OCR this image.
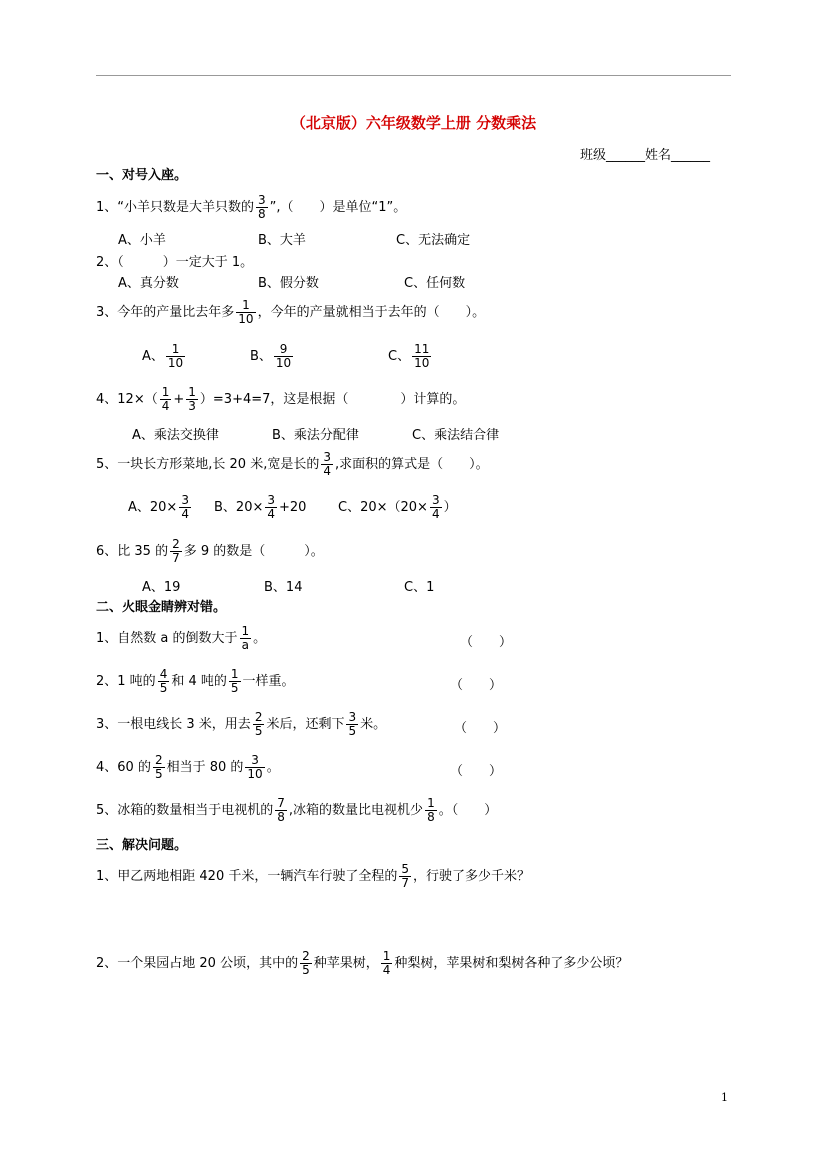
（北京版）六年级数学上册 分数乘法
班级______姓名______
一、对号入座。
1、“小羊只数是大羊只数的 $\frac{3}{8}$ ”,（　　）是单位“1”。
A、小羊	B、大羊	C、无法确定
2、（　　　）一定大于 1。
A、真分数	B、假分数	C、任何数
3、今年的产量比去年多 $\frac{1}{10}$ ，今年的产量就相当于去年的（　　）。
A、 $\frac{1}{10}$	B、 $\frac{9}{10}$	C、 $\frac{11}{10}$
4、$12\times( \frac{1}{4} + \frac{1}{3} )=3+4=7$，这是根据（　　　　）计算的。
A、乘法交换律	B、乘法分配律	C、乘法结合律
5、一块长方形菜地,长 20 米,宽是长的 $\frac{3}{4}$ ,求面积的算式是（　　）。
A、$20\times \frac{3}{4}$ B、$20\times \frac{3}{4} +20$ C、$20\times(20\times \frac{3}{4}$ ）
6、比 35 的 $\frac{2}{7}$ 多 9 的数是（　　　）。
A、19	B、14	C、1
二、火眼金睛辨对错。
1、自然数 a 的倒数大于 $\frac{1}{a}$ 。	（　　）
2、1 吨的 $\frac{4}{5}$ 和 4 吨的 $\frac{1}{5}$ 一样重。	（　　）
3、一根电线长 3 米，用去 $\frac{2}{5}$ 米后，还剩下 $\frac{3}{5}$ 米。	（　　）
4、60 的 $\frac{2}{5}$ 相当于 80 的 $\frac{3}{10}$ 。	（　　）
5、冰箱的数量相当于电视机的 $\frac{7}{8}$ ,冰箱的数量比电视机少 $\frac{1}{8}$ 。（　　）
三、解决问题。
1、甲乙两地相距 420 千米，一辆汽车行驶了全程的 $\frac{5}{7}$ ，行驶了多少千米？
2、一个果园占地 20 公顷，其中的 $\frac{2}{5}$ 种苹果树， $\frac{1}{4}$ 种梨树，苹果树和梨树各种了多少公顷？
1
